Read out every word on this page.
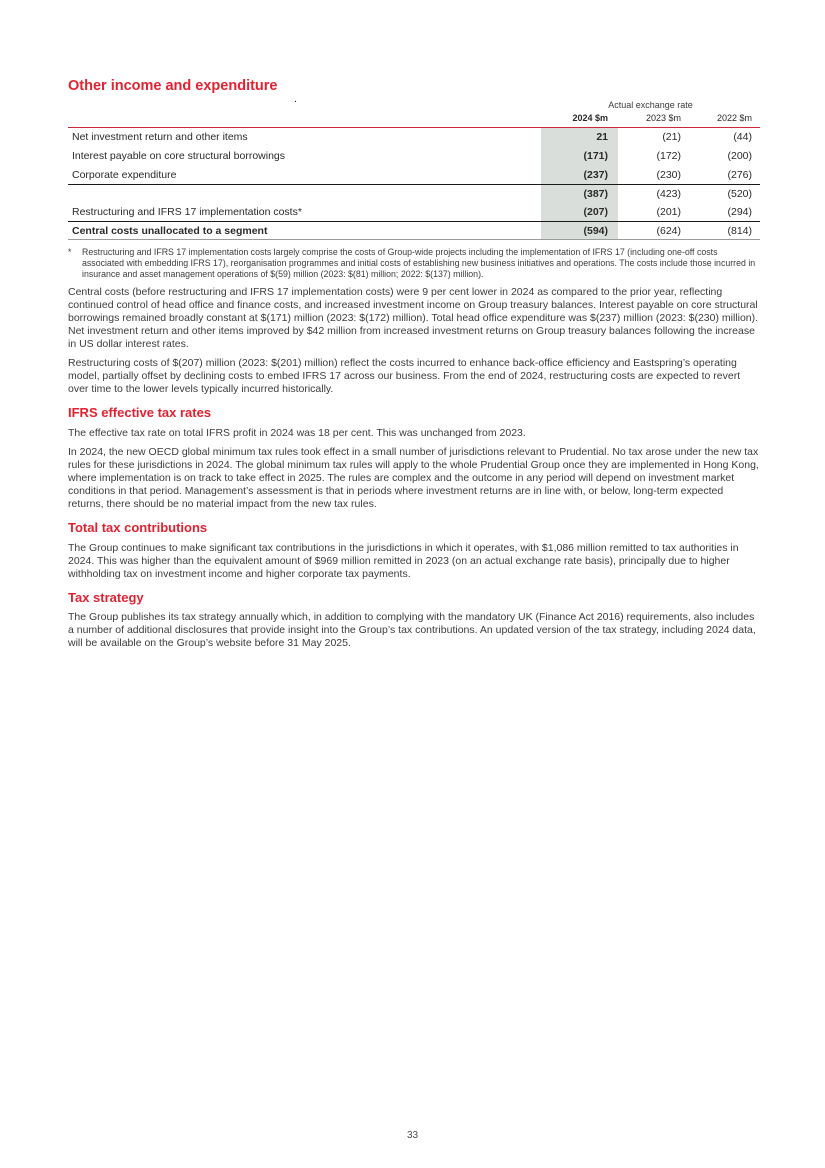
.
Other income and expenditure
Actual exchange rate
2024 $m	2023 $m	2022 $m
Net investment return and other items	21	(21)	(44)
Interest payable on core structural borrowings	(171)	(172)	(200)
Corporate expenditure	(237)	(230)	(276)
(387)	(423)	(520)
Restructuring and IFRS 17 implementation costs*	(207)	(201)	(294)
Central costs unallocated to a segment	(594)	(624)	(814)
*	Restructuring and IFRS 17 implementation costs largely comprise the costs of Group-wide projects including the implementation of IFRS 17 (including one-off costs associated with embedding IFRS 17), reorganisation programmes and initial costs of establishing new business initiatives and operations. The costs include those incurred in insurance and asset management operations of $(59) million (2023: $(81) million; 2022: $(137) million).

Central costs (before restructuring and IFRS 17 implementation costs) were 9 per cent lower in 2024 as compared to the prior year, reflecting continued control of head office and finance costs, and increased investment income on Group treasury balances. Interest payable on core structural borrowings remained broadly constant at $(171) million (2023: $(172) million). Total head office expenditure was $(237) million (2023: $(230) million). Net investment return and other items improved by $42 million from increased investment returns on Group treasury balances following the increase in US dollar interest rates.

Restructuring costs of $(207) million (2023: $(201) million) reflect the costs incurred to enhance back-office efficiency and Eastspring’s operating model, partially offset by declining costs to embed IFRS 17 across our business. From the end of 2024, restructuring costs are expected to revert over time to the lower levels typically incurred historically.

IFRS effective tax rates

The effective tax rate on total IFRS profit in 2024 was 18 per cent. This was unchanged from 2023.

In 2024, the new OECD global minimum tax rules took effect in a small number of jurisdictions relevant to Prudential. No tax arose under the new tax rules for these jurisdictions in 2024. The global minimum tax rules will apply to the whole Prudential Group once they are implemented in Hong Kong, where implementation is on track to take effect in 2025. The rules are complex and the outcome in any period will depend on investment market conditions in that period. Management’s assessment is that in periods where investment returns are in line with, or below, long-term expected returns, there should be no material impact from the new tax rules.

Total tax contributions

The Group continues to make significant tax contributions in the jurisdictions in which it operates, with $1,086 million remitted to tax authorities in 2024. This was higher than the equivalent amount of $969 million remitted in 2023 (on an actual exchange rate basis), principally due to higher withholding tax on investment income and higher corporate tax payments.

Tax strategy

The Group publishes its tax strategy annually which, in addition to complying with the mandatory UK (Finance Act 2016) requirements, also includes a number of additional disclosures that provide insight into the Group’s tax contributions. An updated version of the tax strategy, including 2024 data, will be available on the Group’s website before 31 May 2025.

33
